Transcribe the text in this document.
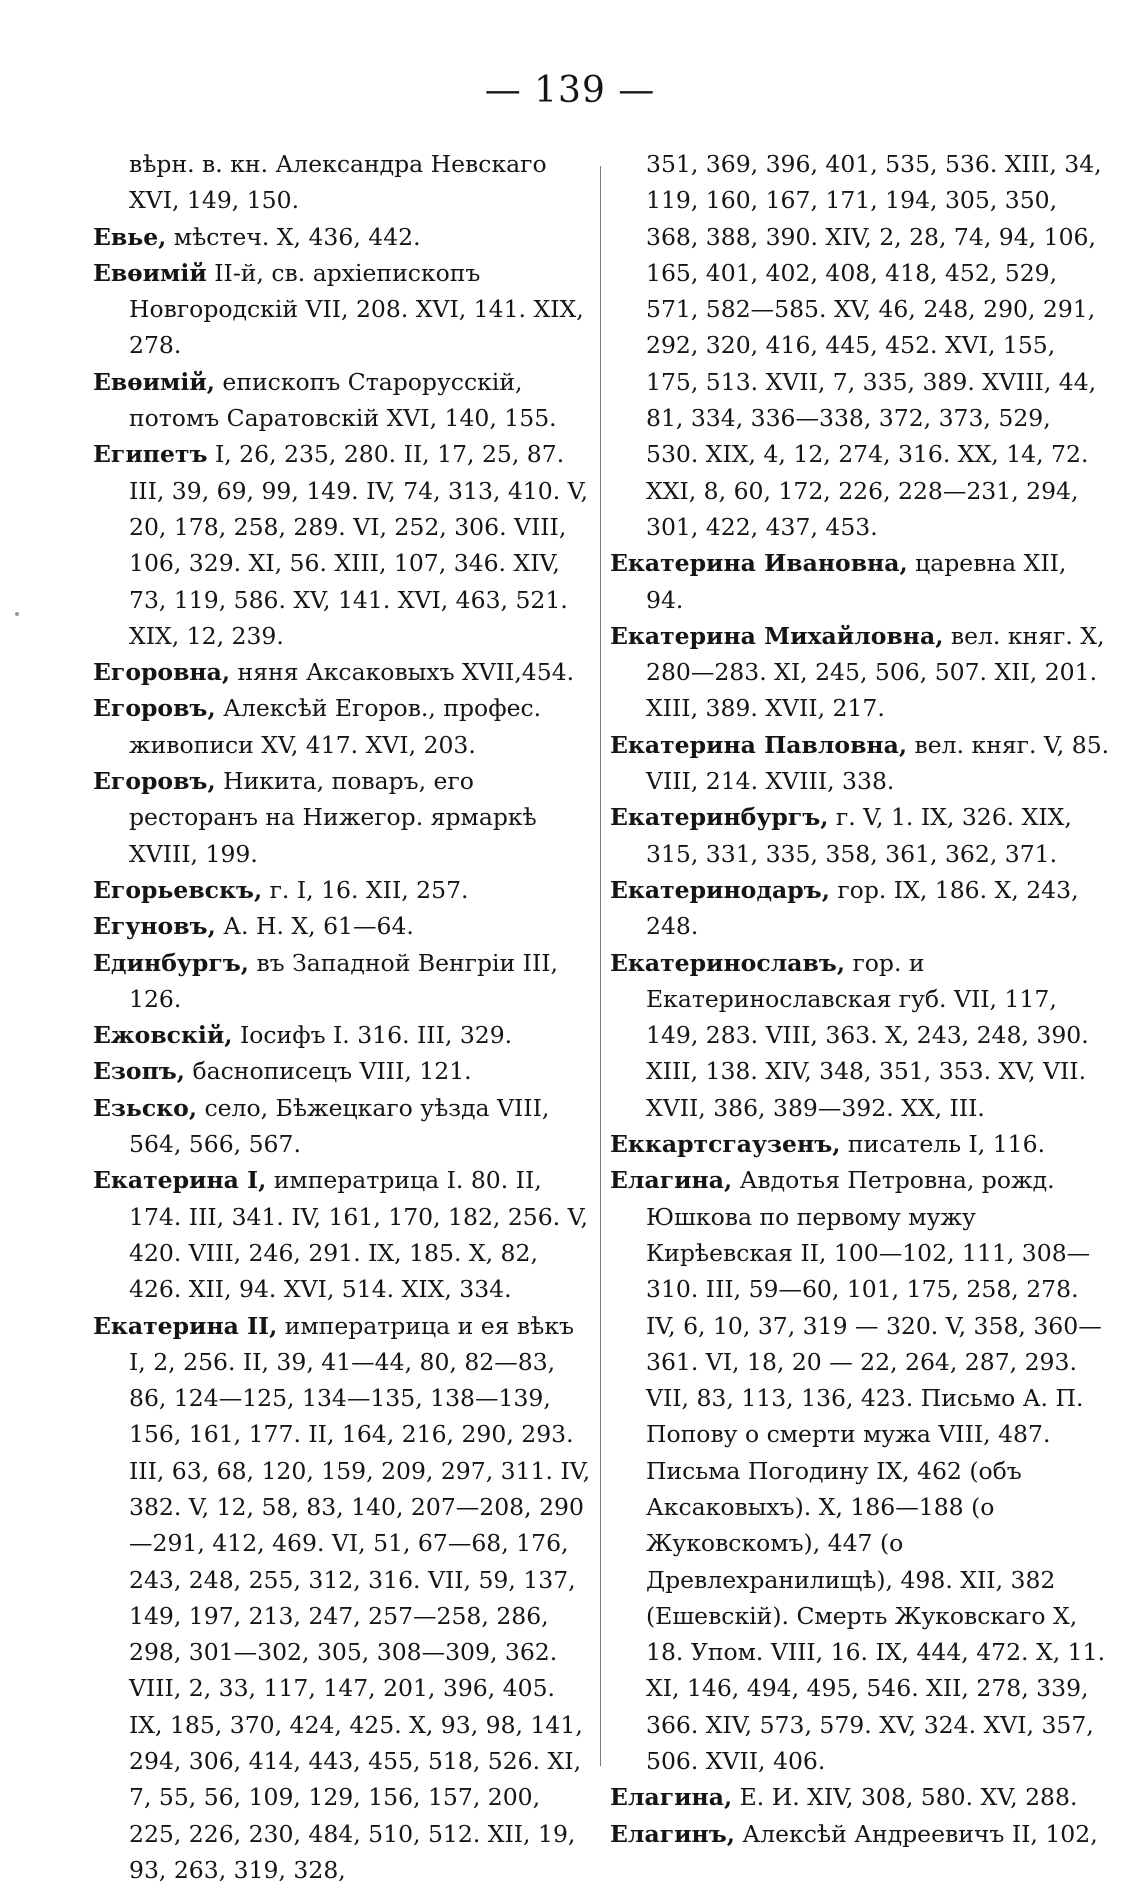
— 139 —

вѣрн. в. кн. Александра Невскаго XVI, 149, 150.

Евье, мѣстеч. X, 436, 442.

Евѳимій II-й, св. архіепископъ Новгородскій VII, 208. XVI, 141. XIX, 278.

Евѳимій, епископъ Старорусскій, потомъ Саратовскій XVI, 140, 155.

Египетъ I, 26, 235, 280. II, 17, 25, 87. III, 39, 69, 99, 149. IV, 74, 313, 410. V, 20, 178, 258, 289. VI, 252, 306. VIII, 106, 329. XI, 56. XIII, 107, 346. XIV, 73, 119, 586. XV, 141. XVI, 463, 521. XIX, 12, 239.

Егоровна, няня Аксаковыхъ XVII,454.

Егоровъ, Алексѣй Егоров., профес. живописи XV, 417. XVI, 203.

Егоровъ, Никита, поваръ, его ресторанъ на Нижегор. ярмаркѣ XVIII, 199.

Егорьевскъ, г. I, 16. XII, 257.

Егуновъ, А. Н. X, 61—64.

Единбургъ, въ Западной Венгріи III, 126.

Ежовскій, Іосифъ I. 316. III, 329.

Езопъ, баснописецъ VIII, 121.

Езьско, село, Бѣжецкаго уѣзда VIII, 564, 566, 567.

Екатерина I, императрица I. 80. II, 174. III, 341. IV, 161, 170, 182, 256. V, 420. VIII, 246, 291. IX, 185. X, 82, 426. XII, 94. XVI, 514. XIX, 334.

Екатерина II, императрица и ея вѣкъ I, 2, 256. II, 39, 41—44, 80, 82—83, 86, 124—125, 134—135, 138—139, 156, 161, 177. II, 164, 216, 290, 293. III, 63, 68, 120, 159, 209, 297, 311. IV, 382. V, 12, 58, 83, 140, 207—208, 290—291, 412, 469. VI, 51, 67—68, 176, 243, 248, 255, 312, 316. VII, 59, 137, 149, 197, 213, 247, 257—258, 286, 298, 301—302, 305, 308—309, 362. VIII, 2, 33, 117, 147, 201, 396, 405. IX, 185, 370, 424, 425. X, 93, 98, 141, 294, 306, 414, 443, 455, 518, 526. XI, 7, 55, 56, 109, 129, 156, 157, 200, 225, 226, 230, 484, 510, 512. XII, 19, 93, 263, 319, 328,

351, 369, 396, 401, 535, 536. XIII, 34, 119, 160, 167, 171, 194, 305, 350, 368, 388, 390. XIV, 2, 28, 74, 94, 106, 165, 401, 402, 408, 418, 452, 529, 571, 582—585. XV, 46, 248, 290, 291, 292, 320, 416, 445, 452. XVI, 155, 175, 513. XVII, 7, 335, 389. XVIII, 44, 81, 334, 336—338, 372, 373, 529, 530. XIX, 4, 12, 274, 316. XX, 14, 72. XXI, 8, 60, 172, 226, 228—231, 294, 301, 422, 437, 453.

Екатерина Ивановна, царевна XII, 94.

Екатерина Михайловна, вел. княг. X, 280—283. XI, 245, 506, 507. XII, 201. XIII, 389. XVII, 217.

Екатерина Павловна, вел. княг. V, 85. VIII, 214. XVIII, 338.

Екатеринбургъ, г. V, 1. IX, 326. XIX, 315, 331, 335, 358, 361, 362, 371.

Екатеринодаръ, гор. IX, 186. X, 243, 248.

Екатеринославъ, гор. и Екатеринославская губ. VII, 117, 149, 283. VIII, 363. X, 243, 248, 390. XIII, 138. XIV, 348, 351, 353. XV, VII. XVII, 386, 389—392. XX, III.

Еккартсгаузенъ, писатель I, 116.

Елагина, Авдотья Петровна, рожд. Юшкова по первому мужу Кирѣевская II, 100—102, 111, 308—310. III, 59—60, 101, 175, 258, 278. IV, 6, 10, 37, 319 — 320. V, 358, 360—361. VI, 18, 20 — 22, 264, 287, 293. VII, 83, 113, 136, 423. Письмо А. П. Попову о смерти мужа VIII, 487. Письма Погодину IX, 462 (объ Аксаковыхъ). X, 186—188 (о Жуковскомъ), 447 (о Древлехранилищѣ), 498. XII, 382 (Ешевскій). Смерть Жуковскаго X, 18. Упом. VIII, 16. IX, 444, 472. X, 11. XI, 146, 494, 495, 546. XII, 278, 339, 366. XIV, 573, 579. XV, 324. XVI, 357, 506. XVII, 406.

Елагина, Е. И. XIV, 308, 580. XV, 288.

Елагинъ, Алексѣй Андреевичъ II, 102,
